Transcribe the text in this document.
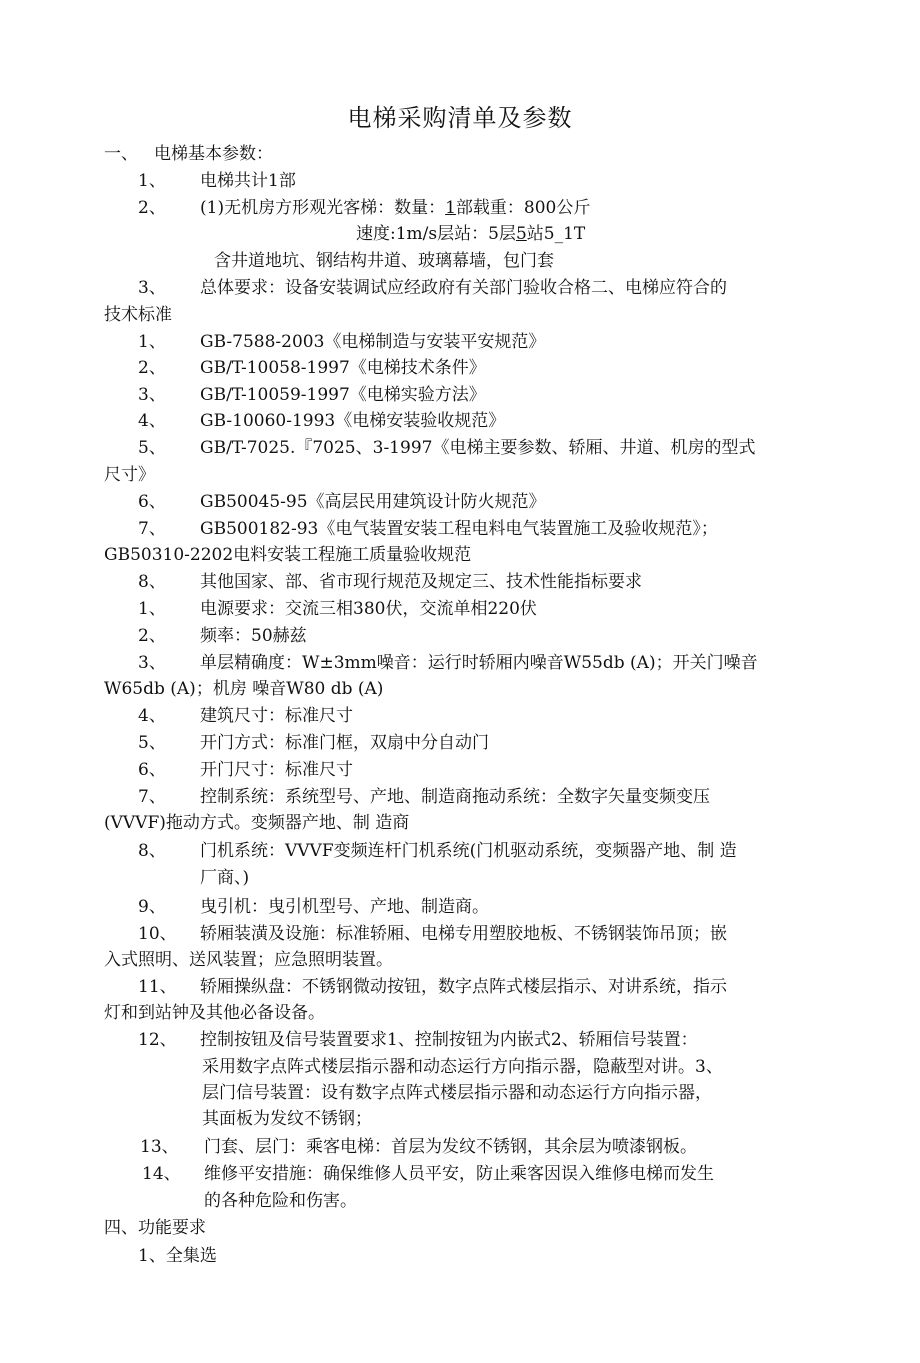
电梯采购清单及参数
一、 电梯基本参数：
1、 电梯共计1部
2、 (1)无机房方形观光客梯：数量：1部载重：800公斤
速度:1m/s层站：5层5站5_1T
含井道地坑、钢结构井道、玻璃幕墙，包门套
3、 总体要求：设备安装调试应经政府有关部门验收合格二、电梯应符合的
技术标准
1、 GB-7588-2003《电梯制造与安装平安规范》
2、 GB/T-10058-1997《电梯技术条件》
3、 GB/T-10059-1997《电梯实验方法》
4、 GB-10060-1993《电梯安装验收规范》
5、 GB/T-7025.『7025、3-1997《电梯主要参数、轿厢、井道、机房的型式
尺寸》
6、 GB50045-95《高层民用建筑设计防火规范》
7、 GB500182-93《电气装置安装工程电料电气装置施工及验收规范》；
GB50310-2202电料安装工程施工质量验收规范
8、 其他国家、部、省市现行规范及规定三、技术性能指标要求
1、 电源要求：交流三相380伏，交流单相220伏
2、 频率：50赫兹
3、 单层精确度：W±3mm噪音：运行时轿厢内噪音W55db (A)；开关门噪音
W65db (A)；机房 噪音W80 db (A)
4、 建筑尺寸：标准尺寸
5、 开门方式：标准门框，双扇中分自动门
6、 开门尺寸：标准尺寸
7、 控制系统：系统型号、产地、制造商拖动系统：全数字矢量变频变压
(VVVF)拖动方式。变频器产地、制 造商
8、 门机系统：VVVF变频连杆门机系统(门机驱动系统，变频器产地、制 造
厂商、)
9、 曳引机：曳引机型号、产地、制造商。
10、 轿厢装潢及设施：标准轿厢、电梯专用塑胶地板、不锈钢装饰吊顶；嵌
入式照明、送风装置；应急照明装置。
11、 轿厢操纵盘：不锈钢微动按钮，数字点阵式楼层指示、对讲系统，指示
灯和到站钟及其他必备设备。
12、 控制按钮及信号装置要求1、控制按钮为内嵌式2、轿厢信号装置：
采用数字点阵式楼层指示器和动态运行方向指示器，隐蔽型对讲。3、
层门信号装置：设有数字点阵式楼层指示器和动态运行方向指示器，
其面板为发纹不锈钢；
13、 门套、层门：乘客电梯：首层为发纹不锈钢，其余层为喷漆钢板。
14、 维修平安措施：确保维修人员平安，防止乘客因误入维修电梯而发生
的各种危险和伤害。
四、功能要求
1、全集选
